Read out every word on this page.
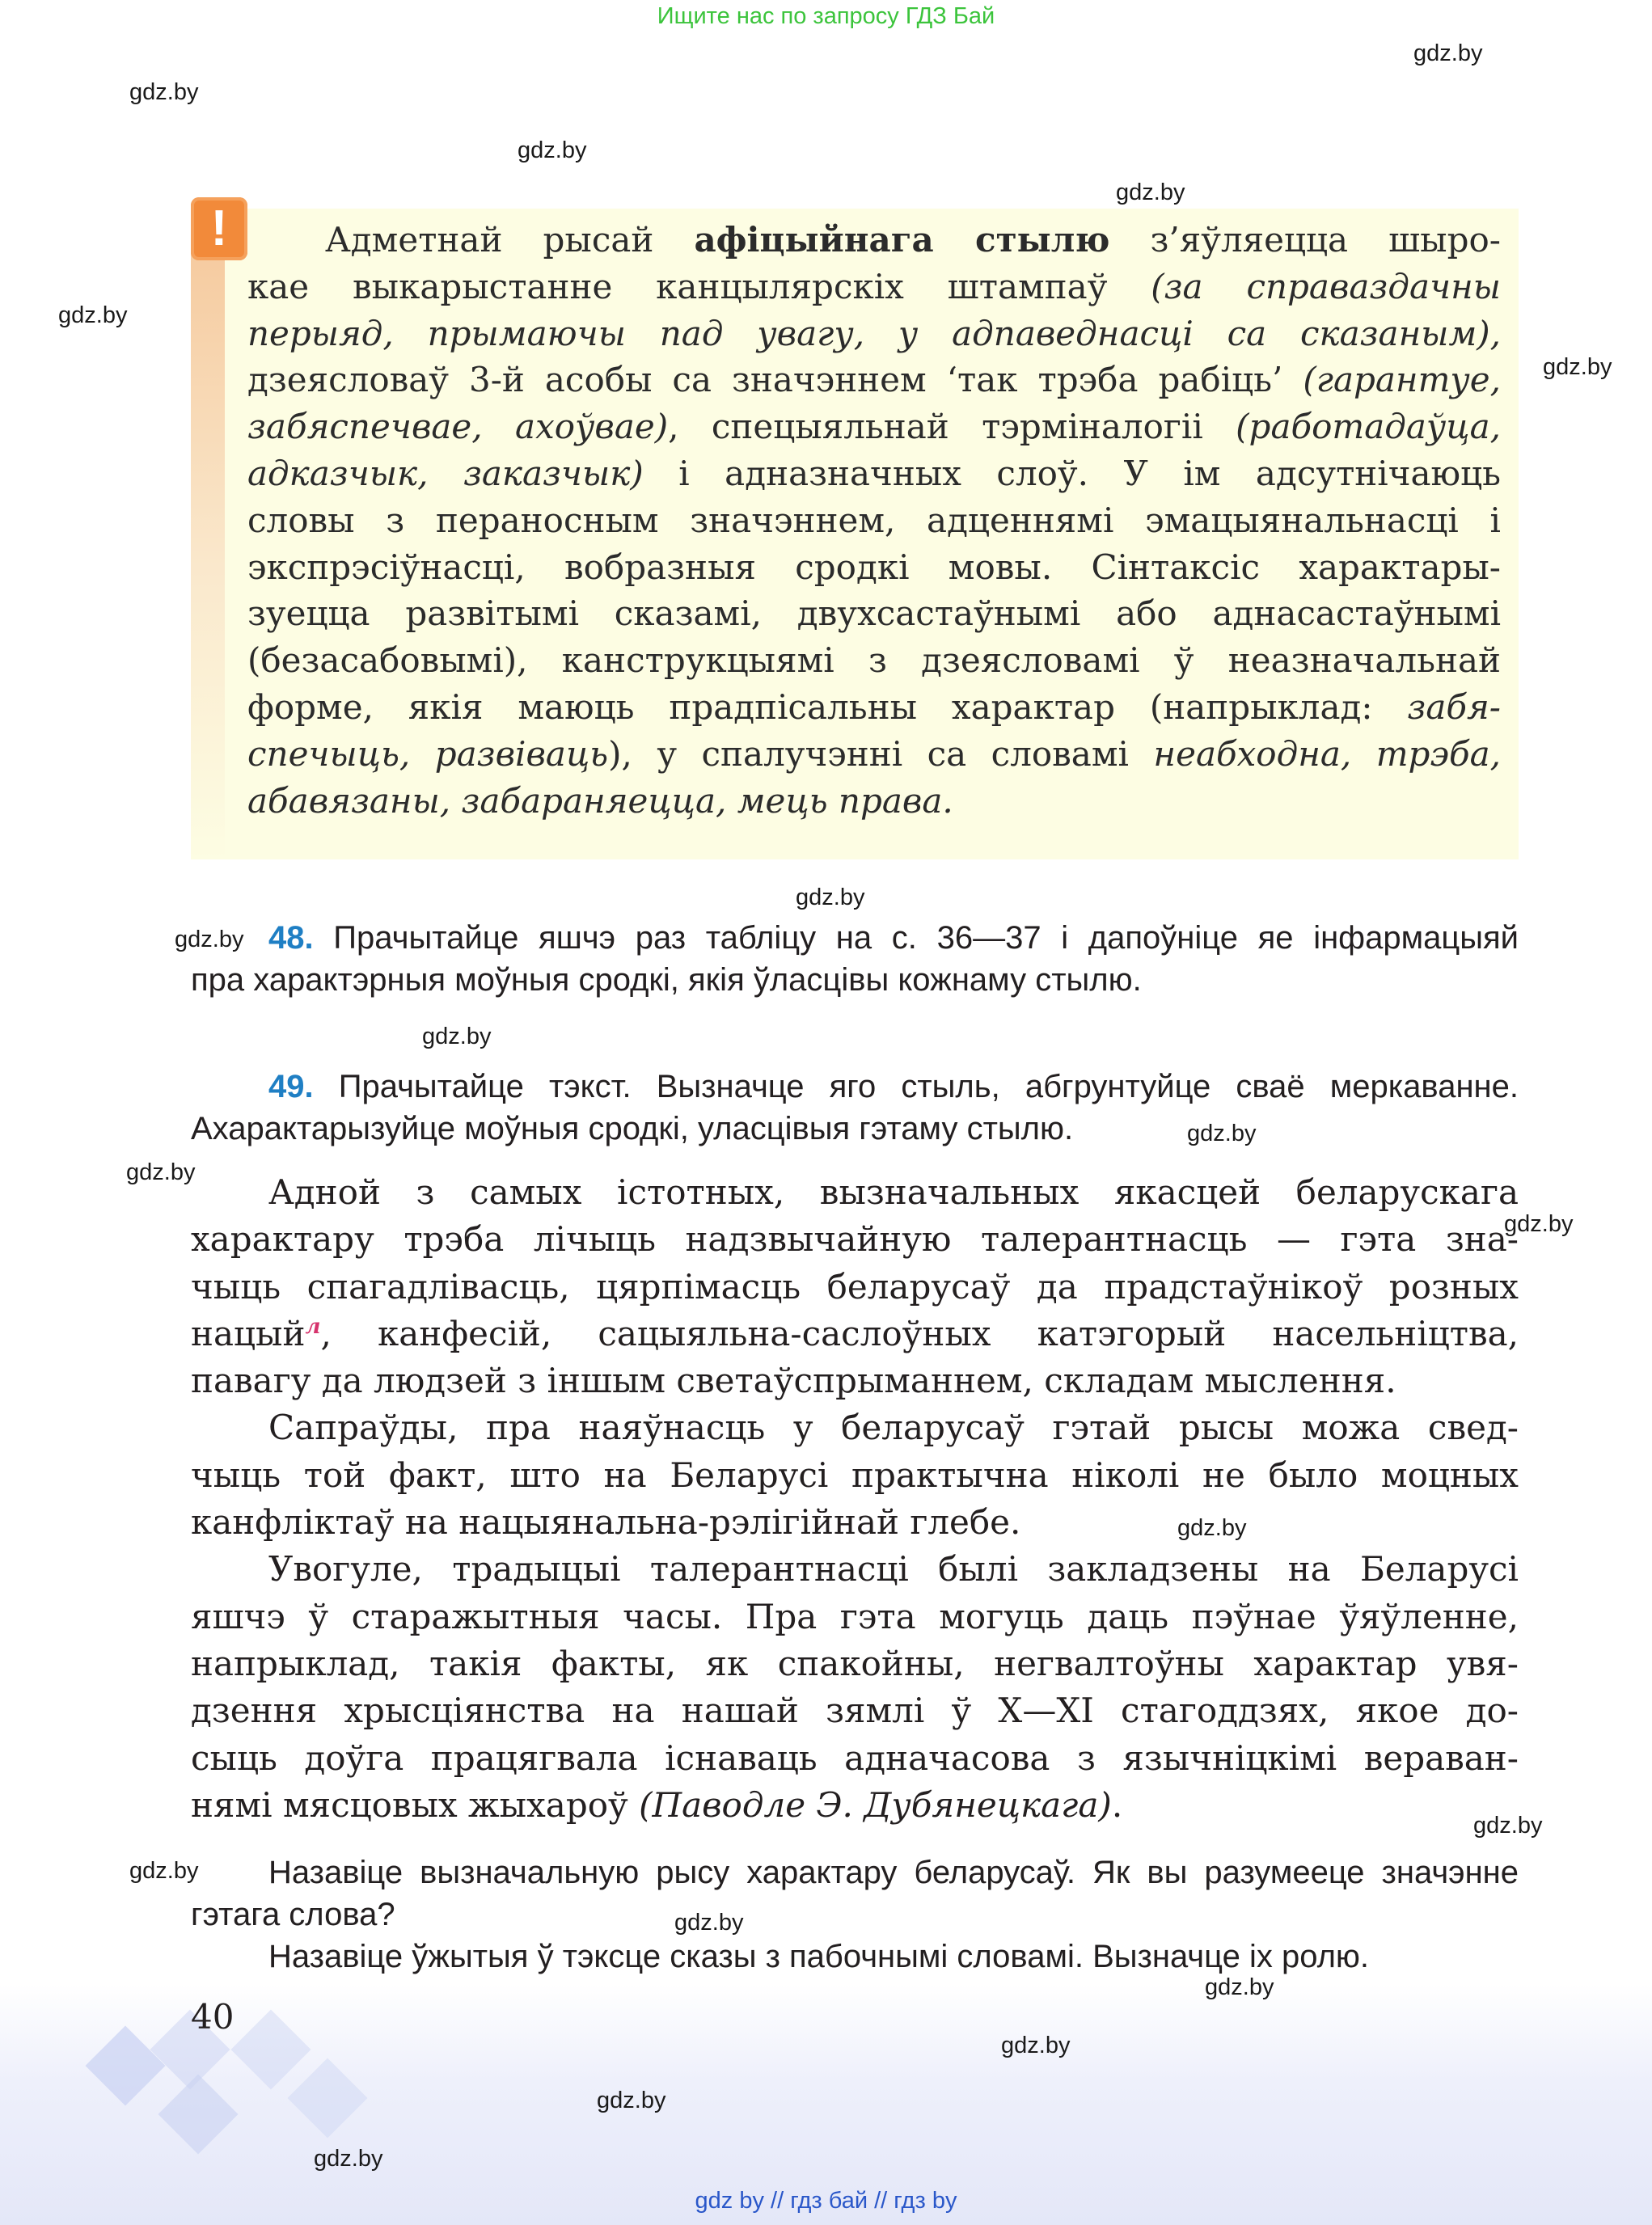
Ищите нас по запросу ГДЗ Бай
gdz.by
gdz.by
gdz.by
gdz.by
gdz.by
gdz.by
gdz.by
gdz.by
gdz.by
gdz.by
gdz.by
gdz.by
gdz.by
gdz.by
gdz.by
gdz.by
!	Адметнай рысай афіцыйнага стылю з’яўляецца шыро-
кае выкарыстанне канцылярскіх штампаў (за справаздачны
перыяд, прымаючы пад увагу, у адпаведнасці са сказаным),
дзеясловаў 3-й асобы са значэннем ‘так трэба рабіць’ (гарантуе,
забяспечвае, ахоўвае), спецыяльнай тэрміналогіі (работадаўца,
адказчык, заказчык) і адназначных слоў. У ім адсутнічаюць
словы з пераносным значэннем, адценнямі эмацыянальнасці і
экспрэсіўнасці, вобразныя сродкі мовы. Сінтаксіс характары-
зуецца развітымі сказамі, двухсастаўнымі або аднасастаўнымі
(безасабовымі), канструкцыямі з дзеясловамі ў неазначальнай
форме, якія маюць прадпісальны характар (напрыклад: забя-
спечыць, развіваць), у спалучэнні са словамі неабходна, трэба,
абавязаны, забараняецца, мець права.
48. Прачытайце яшчэ раз табліцу на с. 36—37 і дапоўніце яе інфармацыяй
пра характэрныя моўныя сродкі, якія ўласцівы кожнаму стылю.
49. Прачытайце тэкст. Вызначце яго стыль, абгрунтуйце сваё меркаванне.
Ахарактарызуйце моўныя сродкі, уласцівыя гэтаму стылю.
Адной з самых істотных, вызначальных якасцей беларускага
характару трэба лічыць надзвычайную талерантнасць — гэта зна-
чыць спагадлівасць, цярпімасць беларусаў да прадстаўнікоў розных
нацый$^л$, канфесій, сацыяльна-саслоўных катэгорый насельніцтва,
павагу да людзей з іншым светаўспрыманнем, складам мыслення.
Сапраўды, пра наяўнасць у беларусаў гэтай рысы можа свед-
чыць той факт, што на Беларусі практычна ніколі не было моцных
канфліктаў на нацыянальна-рэлігійнай глебе.
Увогуле, традыцыі талерантнасці былі закладзены на Беларусі
яшчэ ў старажытныя часы. Пра гэта могуць даць пэўнае ўяўленне,
напрыклад, такія факты, як спакойны, негвалтоўны характар увя-
дзення хрысціянства на нашай зямлі ў X—XI стагоддзях, якое до-
сыць доўга працягвала існаваць адначасова з язычніцкімі вераван-
нямі мясцовых жыхароў (Паводле Э. Дубянецкага).
Назавіце вызначальную рысу характару беларусаў. Як вы разумееце значэнне
гэтага слова?
Назавіце ўжытыя ў тэксце сказы з пабочнымі словамі. Вызначце іх ролю.
40
gdz.by
gdz.by
gdz.by
gdz.by
gdz by // гдз бай // гдз by
